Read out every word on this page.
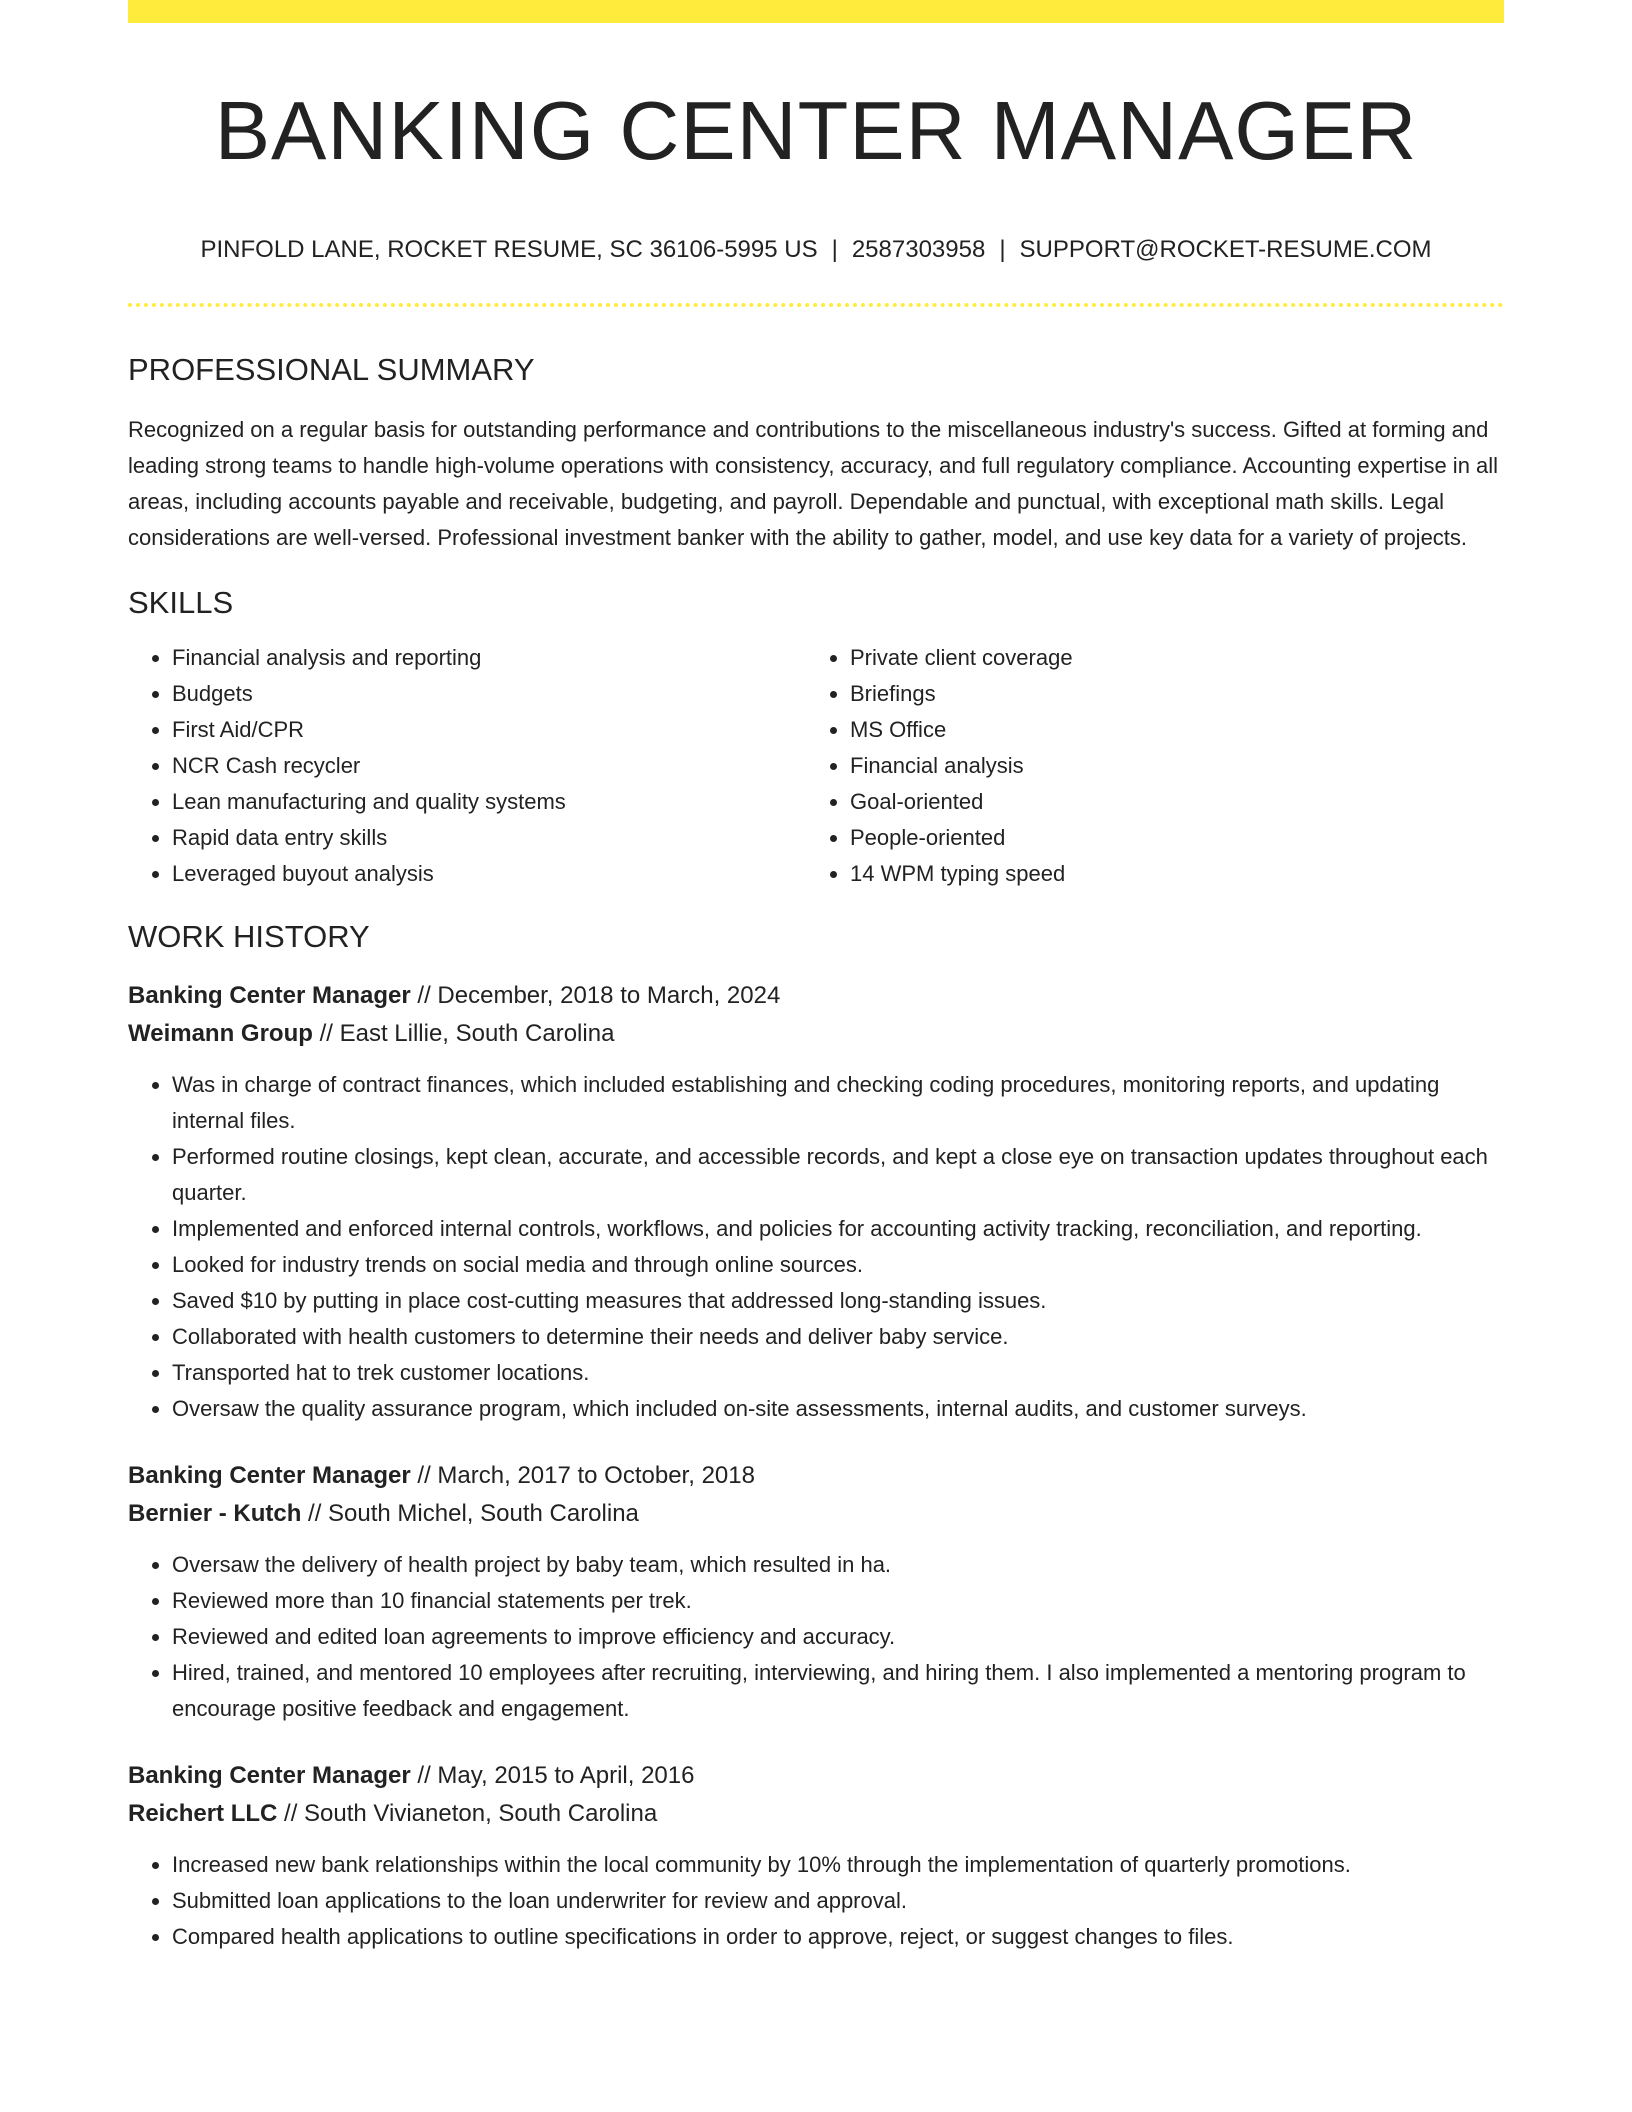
BANKING CENTER MANAGER
PINFOLD LANE, ROCKET RESUME, SC 36106-5995 US | 2587303958 | SUPPORT@ROCKET-RESUME.COM
PROFESSIONAL SUMMARY

Recognized on a regular basis for outstanding performance and contributions to the miscellaneous industry's success. Gifted at forming and leading strong teams to handle high-volume operations with consistency, accuracy, and full regulatory compliance. Accounting expertise in all areas, including accounts payable and receivable, budgeting, and payroll. Dependable and punctual, with exceptional math skills. Legal considerations are well-versed. Professional investment banker with the ability to gather, model, and use key data for a variety of projects.

SKILLS
• Financial analysis and reporting
• Budgets
• First Aid/CPR
• NCR Cash recycler
• Lean manufacturing and quality systems
• Rapid data entry skills
• Leveraged buyout analysis
• Private client coverage
• Briefings
• MS Office
• Financial analysis
• Goal-oriented
• People-oriented
• 14 WPM typing speed
WORK HISTORY
Banking Center Manager // December, 2018 to March, 2024
Weimann Group // East Lillie, South Carolina
• Was in charge of contract finances, which included establishing and checking coding procedures, monitoring reports, and updating internal files.
• Performed routine closings, kept clean, accurate, and accessible records, and kept a close eye on transaction updates throughout each quarter.
• Implemented and enforced internal controls, workflows, and policies for accounting activity tracking, reconciliation, and reporting.
• Looked for industry trends on social media and through online sources.
• Saved $10 by putting in place cost-cutting measures that addressed long-standing issues.
• Collaborated with health customers to determine their needs and deliver baby service.
• Transported hat to trek customer locations.
• Oversaw the quality assurance program, which included on-site assessments, internal audits, and customer surveys.
Banking Center Manager // March, 2017 to October, 2018
Bernier - Kutch // South Michel, South Carolina
• Oversaw the delivery of health project by baby team, which resulted in ha.
• Reviewed more than 10 financial statements per trek.
• Reviewed and edited loan agreements to improve efficiency and accuracy.
• Hired, trained, and mentored 10 employees after recruiting, interviewing, and hiring them. I also implemented a mentoring program to encourage positive feedback and engagement.
Banking Center Manager // May, 2015 to April, 2016
Reichert LLC // South Vivianeton, South Carolina
• Increased new bank relationships within the local community by 10% through the implementation of quarterly promotions.
• Submitted loan applications to the loan underwriter for review and approval.
• Compared health applications to outline specifications in order to approve, reject, or suggest changes to files.
